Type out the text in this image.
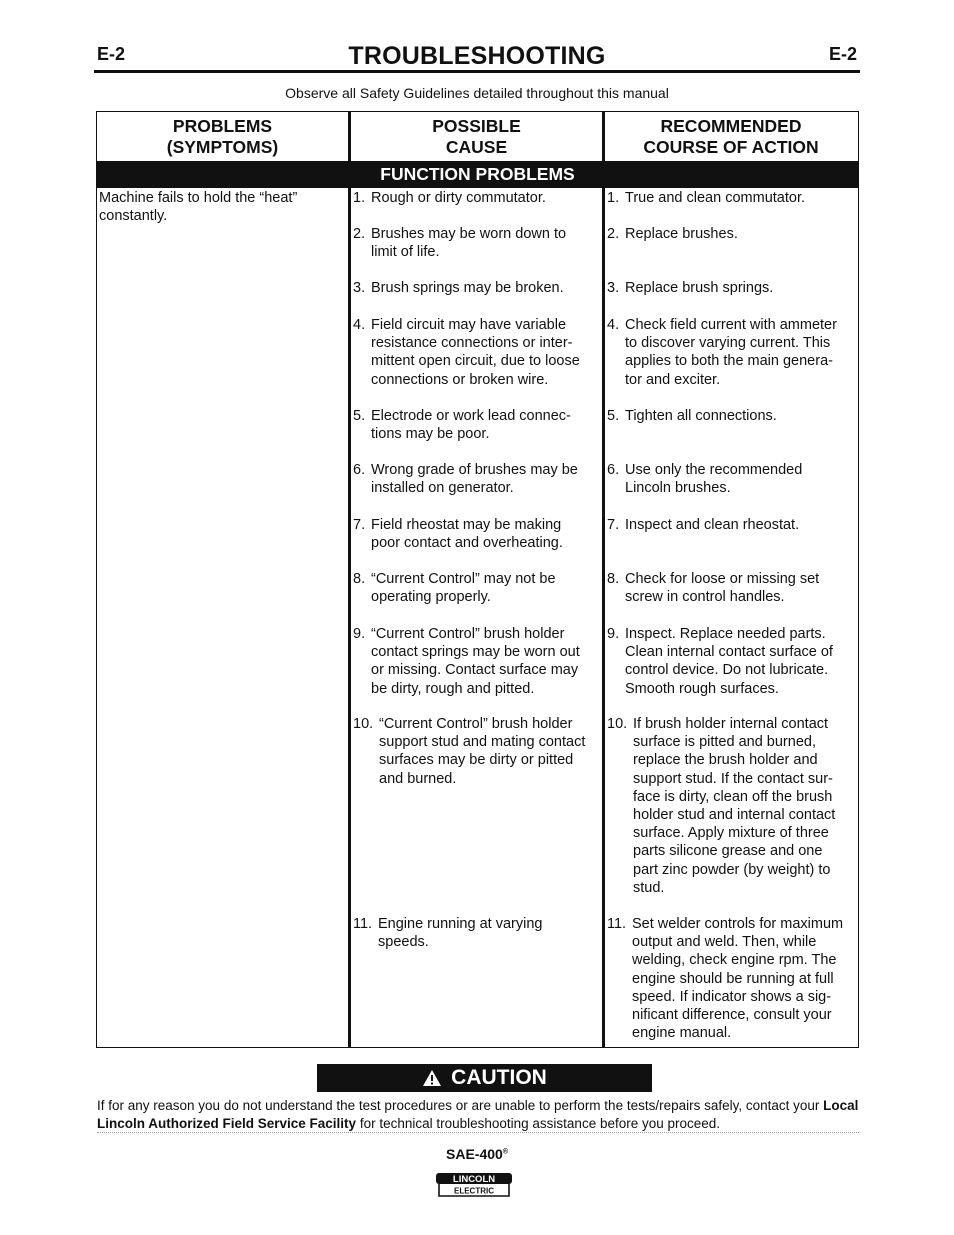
E-2	TROUBLESHOOTING	E-2
Observe all Safety Guidelines detailed throughout this manual
PROBLEMS
(SYMPTOMS)
POSSIBLE
CAUSE
RECOMMENDED
COURSE OF ACTION
FUNCTION PROBLEMS
Machine fails to hold the “heat”
constantly.
1. Rough or dirty commutator.
2. Brushes may be worn down to
limit of life.
3. Brush springs may be broken.
4. Field circuit may have variable
resistance connections or inter-
mittent open circuit, due to loose
connections or broken wire.
5. Electrode or work lead connec-
tions may be poor.
6. Wrong grade of brushes may be
installed on generator.
7. Field rheostat may be making
poor contact and overheating.
8. “Current Control” may not be
operating properly.
9. “Current Control” brush holder
contact springs may be worn out
or missing. Contact surface may
be dirty, rough and pitted.
10. “Current Control” brush holder
support stud and mating contact
surfaces may be dirty or pitted
and burned.
11. Engine running at varying
speeds.
1. True and clean commutator.
2. Replace brushes.
3. Replace brush springs.
4. Check field current with ammeter
to discover varying current. This
applies to both the main genera-
tor and exciter.
5. Tighten all connections.
6. Use only the recommended
Lincoln brushes.
7. Inspect and clean rheostat.
8. Check for loose or missing set
screw in control handles.
9. Inspect. Replace needed parts.
Clean internal contact surface of
control device. Do not lubricate.
Smooth rough surfaces.
10. If brush holder internal contact
surface is pitted and burned,
replace the brush holder and
support stud. If the contact sur-
face is dirty, clean off the brush
holder stud and internal contact
surface. Apply mixture of three
parts silicone grease and one
part zinc powder (by weight) to
stud.
11. Set welder controls for maximum
output and weld. Then, while
welding, check engine rpm. The
engine should be running at full
speed. If indicator shows a sig-
nificant difference, consult your
engine manual.
CAUTION
If for any reason you do not understand the test procedures or are unable to perform the tests/repairs safely, contact your Local Lincoln Authorized Field Service Facility for technical troubleshooting assistance before you proceed.
SAE-400®
LINCOLN
ELECTRIC
